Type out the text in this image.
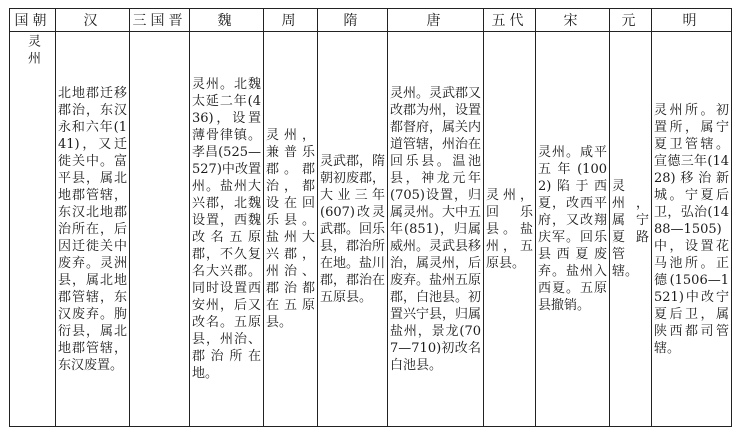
国朝	汉	三国晋	魏	周	隋	唐	五代	宋	元	明
灵州	北地郡迁移郡治，东汉永和六年(141)，又迁徙关中。富平县，属北地郡管辖，东汉北地郡治所在，后因迁徙关中废弃。灵洲县，属北地郡管辖，东汉废弃。朐衍县，属北地郡管辖，东汉废置。		灵州。北魏太延二年(436)，设置薄骨律镇。孝昌(525—527)中改置州。盐州大兴郡，北魏设置，西魏改名五原郡，不久复名大兴郡。同时设置西安州，后又改名。五原县，州治、郡治所在地。	灵州，兼普乐郡。郡治，都设在回乐县。盐州大兴郡，州治、郡治都在五原县。	灵武郡，隋朝初废郡，大业三年(607)改灵武郡。回乐县，郡治所在地。盐川郡，郡治在五原县。	灵州。灵武郡又改郡为州，设置都督府，属关内道管辖，州治在回乐县。温池县，神龙元年(705)设置，归属灵州。大中五年(851)，归属威州。灵武县移治，属灵州，后废弃。盐州五原郡，白池县。初置兴宁县，归属盐州，景龙(707—710)初改名白池县。	灵州，回乐县。盐州，五原县。	灵州。咸平五年(1002)陷于西夏，改西平府，又改翔庆军。回乐县西夏废弃。盐州入西夏。五原县撤销。	灵州，属宁夏路管辖。	灵州所。初置所，属宁夏卫管辖。宣德三年(1428)移治新城。宁夏后卫，弘治(1488—1505)中，设置花马池所。正德(1506—1521)中改宁夏后卫，属陕西都司管辖。
